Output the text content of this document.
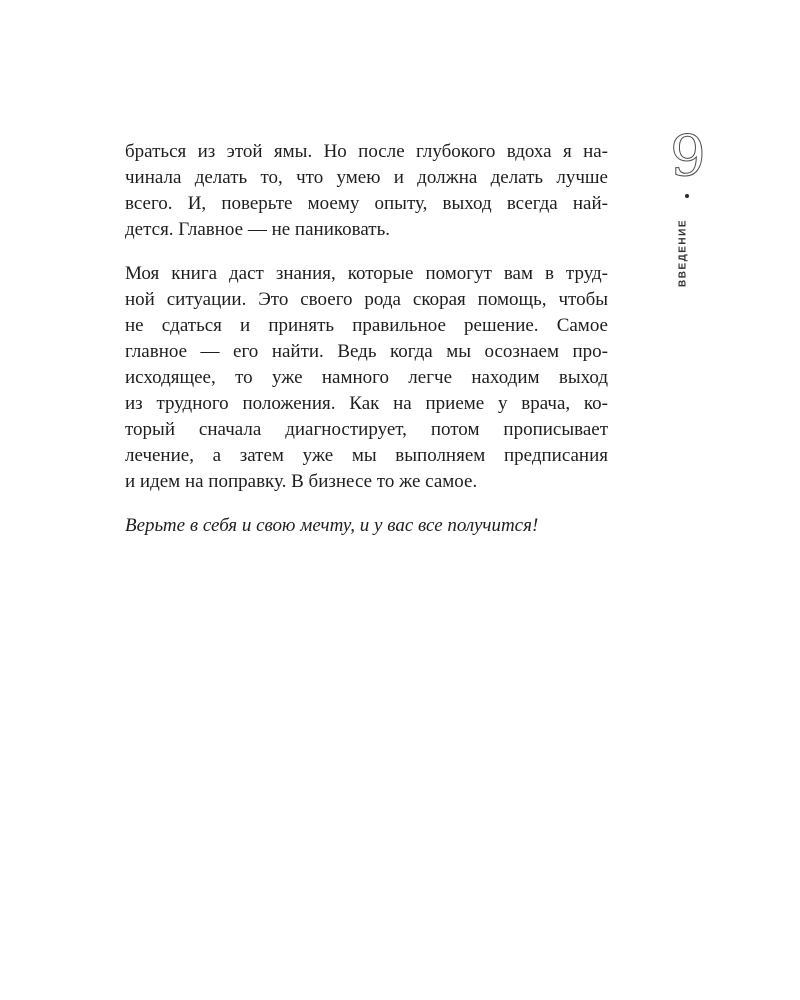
браться из этой ямы. Но после глубокого вдоха я на-
чинала делать то, что умею и должна делать лучше
всего. И, поверьте моему опыту, выход всегда най-
дется. Главное — не паниковать.

Моя книга даст знания, которые помогут вам в труд-
ной ситуации. Это своего рода скорая помощь, чтобы
не сдаться и принять правильное решение. Самое
главное — его найти. Ведь когда мы осознаем про-
исходящее, то уже намного легче находим выход
из трудного положения. Как на приеме у врача, ко-
торый сначала диагностирует, потом прописывает
лечение, а затем уже мы выполняем предписания
и идем на поправку. В бизнесе то же самое.

Верьте в себя и свою мечту, и у вас все получится!

9
ВВЕДЕНИЕ
